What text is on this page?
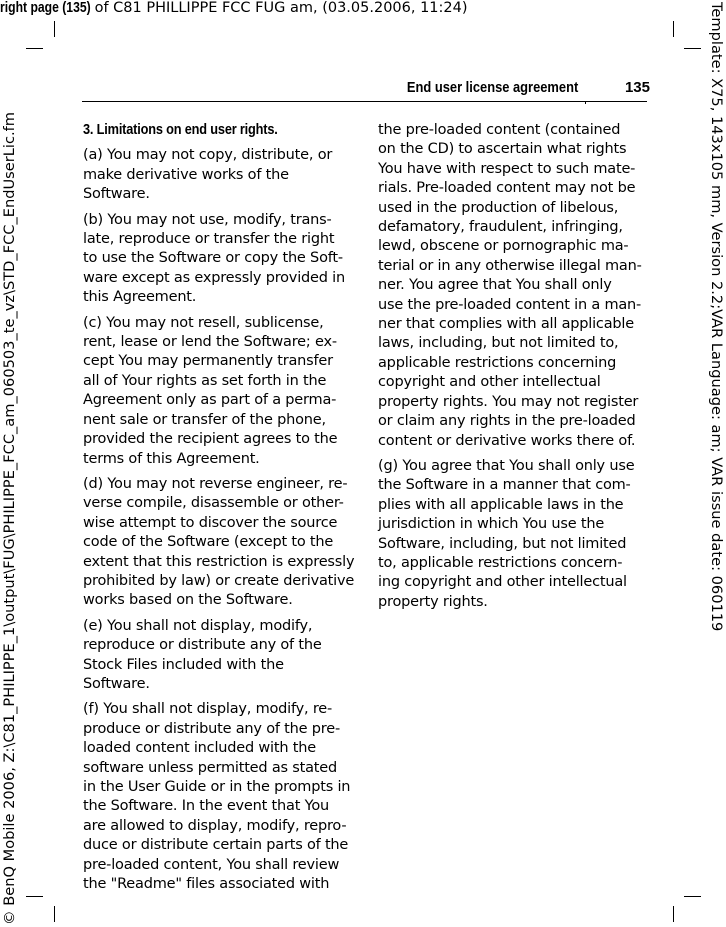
right page (135) of C81 PHILLIPPE FCC FUG am, (03.05.2006, 11:24)
© BenQ Mobile 2006, Z:\C81_PHILIPPE_1\output\FUG\PHILIPPE_FCC_am_060503_te_vz\STD_FCC_EndUserLic.fm	Template: X75, 143x105 mm, Version 2.2;VAR Language: am; VAR issue date: 060119
End user license agreement	135
3. Limitations on end user rights.

(a) You may not copy, distribute, or
make derivative works of the
Software.

(b) You may not use, modify, trans-
late, reproduce or transfer the right
to use the Software or copy the Soft-
ware except as expressly provided in
this Agreement.

(c) You may not resell, sublicense,
rent, lease or lend the Software; ex-
cept You may permanently transfer
all of Your rights as set forth in the
Agreement only as part of a perma-
nent sale or transfer of the phone,
provided the recipient agrees to the
terms of this Agreement.

(d) You may not reverse engineer, re-
verse compile, disassemble or other-
wise attempt to discover the source
code of the Software (except to the
extent that this restriction is expressly
prohibited by law) or create derivative
works based on the Software.

(e) You shall not display, modify,
reproduce or distribute any of the
Stock Files included with the
Software.

(f) You shall not display, modify, re-
produce or distribute any of the pre-
loaded content included with the
software unless permitted as stated
in the User Guide or in the prompts in
the Software. In the event that You
are allowed to display, modify, repro-
duce or distribute certain parts of the
pre-loaded content, You shall review
the "Readme" files associated with

the pre-loaded content (contained
on the CD) to ascertain what rights
You have with respect to such mate-
rials. Pre-loaded content may not be
used in the production of libelous,
defamatory, fraudulent, infringing,
lewd, obscene or pornographic ma-
terial or in any otherwise illegal man-
ner. You agree that You shall only
use the pre-loaded content in a man-
ner that complies with all applicable
laws, including, but not limited to,
applicable restrictions concerning
copyright and other intellectual
property rights. You may not register
or claim any rights in the pre-loaded
content or derivative works there of.

(g) You agree that You shall only use
the Software in a manner that com-
plies with all applicable laws in the
jurisdiction in which You use the
Software, including, but not limited
to, applicable restrictions concern-
ing copyright and other intellectual
property rights.
